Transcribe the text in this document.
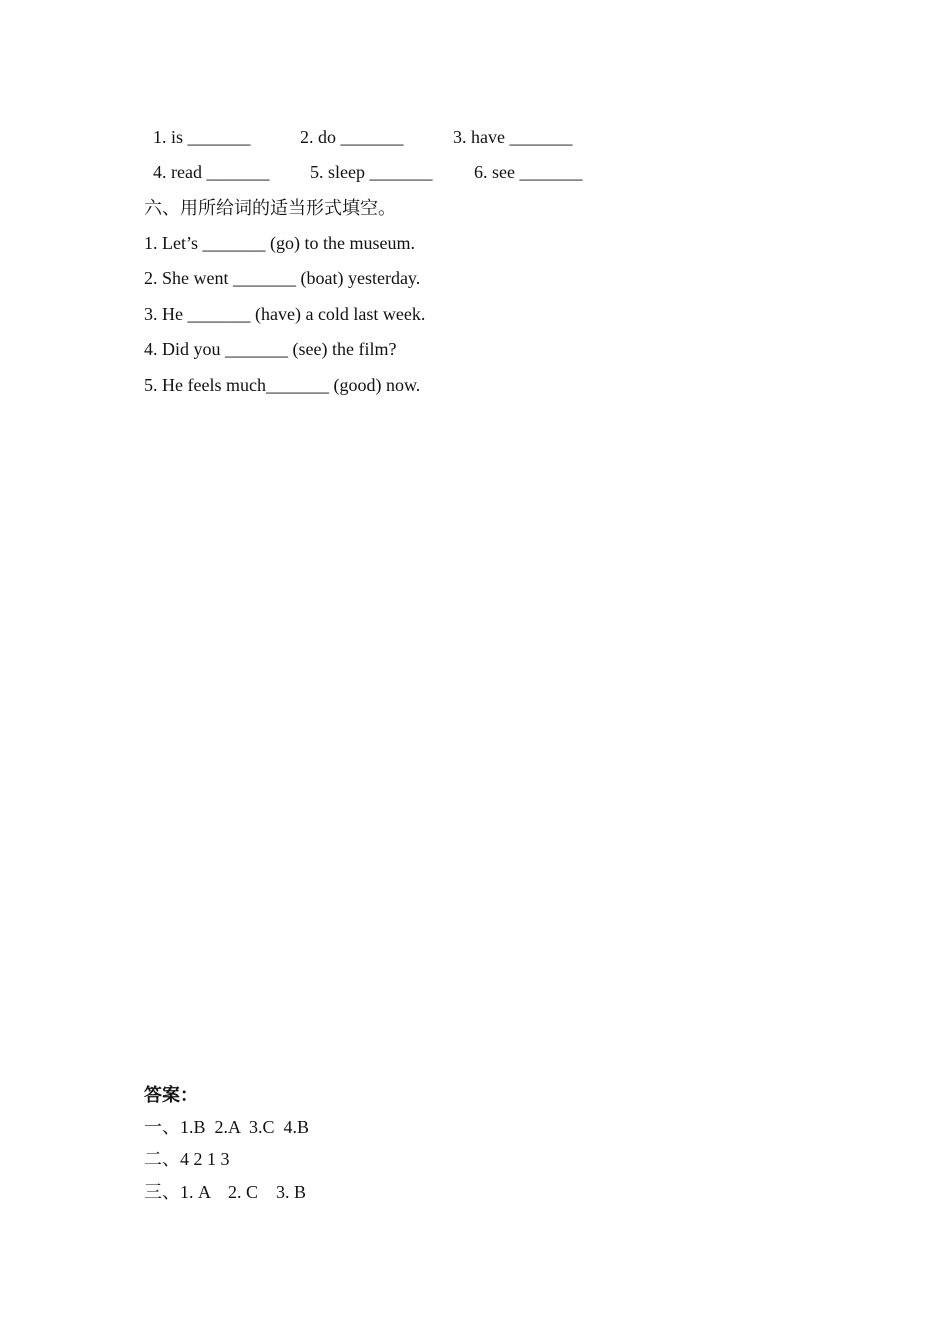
1. is _______	2. do _______	3. have _______
4. read _______ 5. sleep _______ 6. see _______
六、用所给词的适当形式填空。
1. Let’s _______ (go) to the museum.
2. She went _______ (boat) yesterday.
3. He _______ (have) a cold last week.
4. Did you _______ (see) the film?
5. He feels much_______ (good) now.
答案：
一、1.B  2.A  3.C  4.B
二、4 2 1 3
三、1. A    2. C    3. B
